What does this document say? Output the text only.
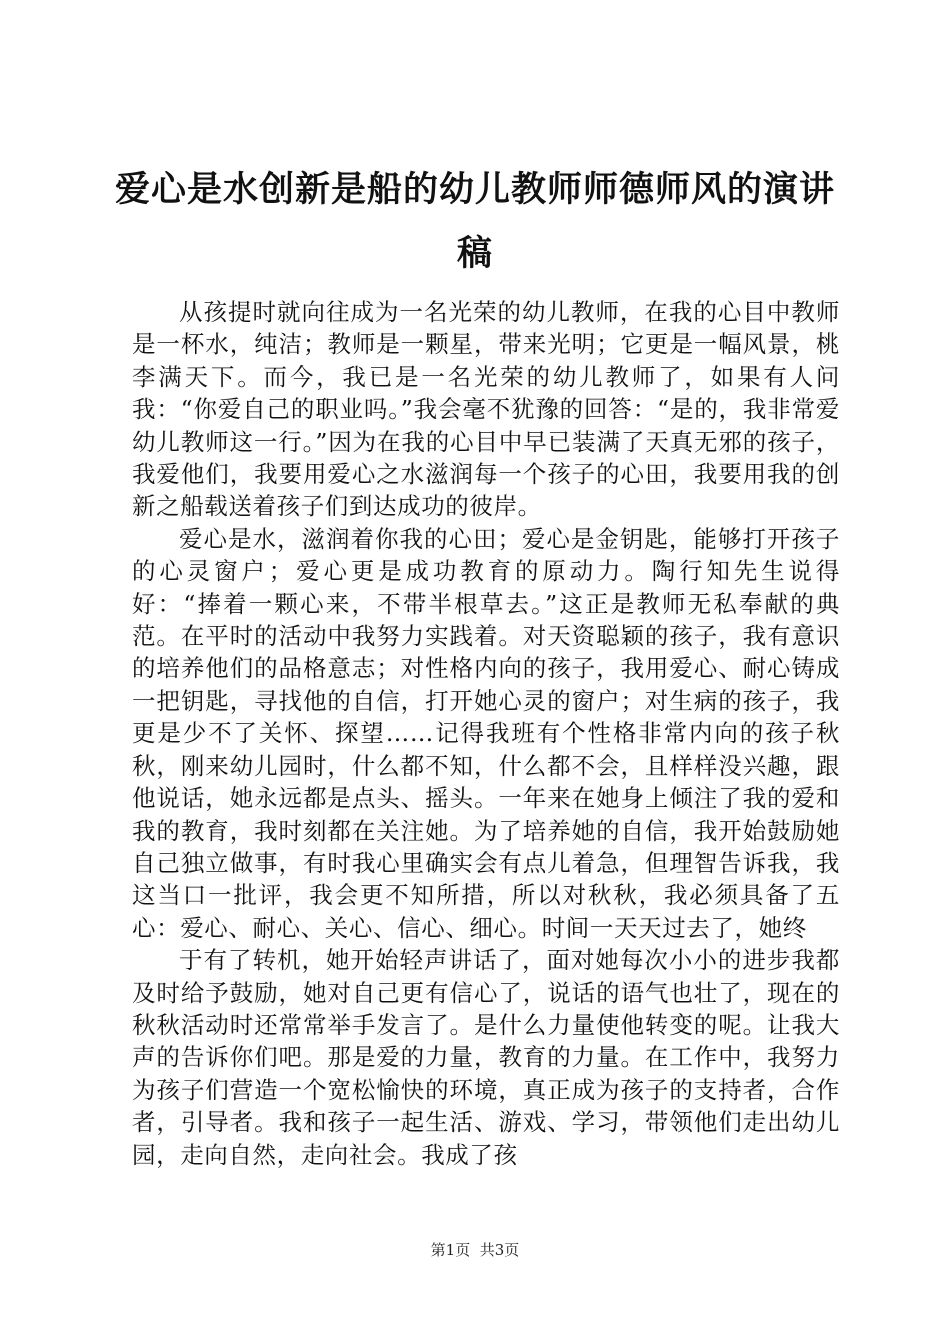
爱心是水创新是船的幼儿教师师德师风的演讲稿

从孩提时就向往成为一名光荣的幼儿教师，在我的心目中教师是一杯水，纯洁；教师是一颗星，带来光明；它更是一幅风景，桃李满天下。而今，我已是一名光荣的幼儿教师了，如果有人问我：“你爱自己的职业吗。”我会毫不犹豫的回答：“是的，我非常爱幼儿教师这一行。”因为在我的心目中早已装满了天真无邪的孩子，我爱他们，我要用爱心之水滋润每一个孩子的心田，我要用我的创新之船载送着孩子们到达成功的彼岸。

爱心是水，滋润着你我的心田；爱心是金钥匙，能够打开孩子的心灵窗户；爱心更是成功教育的原动力。陶行知先生说得好：“捧着一颗心来，不带半根草去。”这正是教师无私奉献的典范。在平时的活动中我努力实践着。对天资聪颖的孩子，我有意识的培养他们的品格意志；对性格内向的孩子，我用爱心、耐心铸成一把钥匙，寻找他的自信，打开她心灵的窗户；对生病的孩子，我更是少不了关怀、探望……记得我班有个性格非常内向的孩子秋秋，刚来幼儿园时，什么都不知，什么都不会，且样样没兴趣，跟他说话，她永远都是点头、摇头。一年来在她身上倾注了我的爱和我的教育，我时刻都在关注她。为了培养她的自信，我开始鼓励她自己独立做事，有时我心里确实会有点儿着急，但理智告诉我，我这当口一批评，我会更不知所措，所以对秋秋，我必须具备了五心：爱心、耐心、关心、信心、细心。时间一天天过去了，她终

于有了转机，她开始轻声讲话了，面对她每次小小的进步我都及时给予鼓励，她对自己更有信心了，说话的语气也壮了，现在的秋秋活动时还常常举手发言了。是什么力量使他转变的呢。让我大声的告诉你们吧。那是爱的力量，教育的力量。在工作中，我努力为孩子们营造一个宽松愉快的环境，真正成为孩子的支持者，合作者，引导者。我和孩子一起生活、游戏、学习，带领他们走出幼儿园，走向自然，走向社会。我成了孩

第1页 共3页
